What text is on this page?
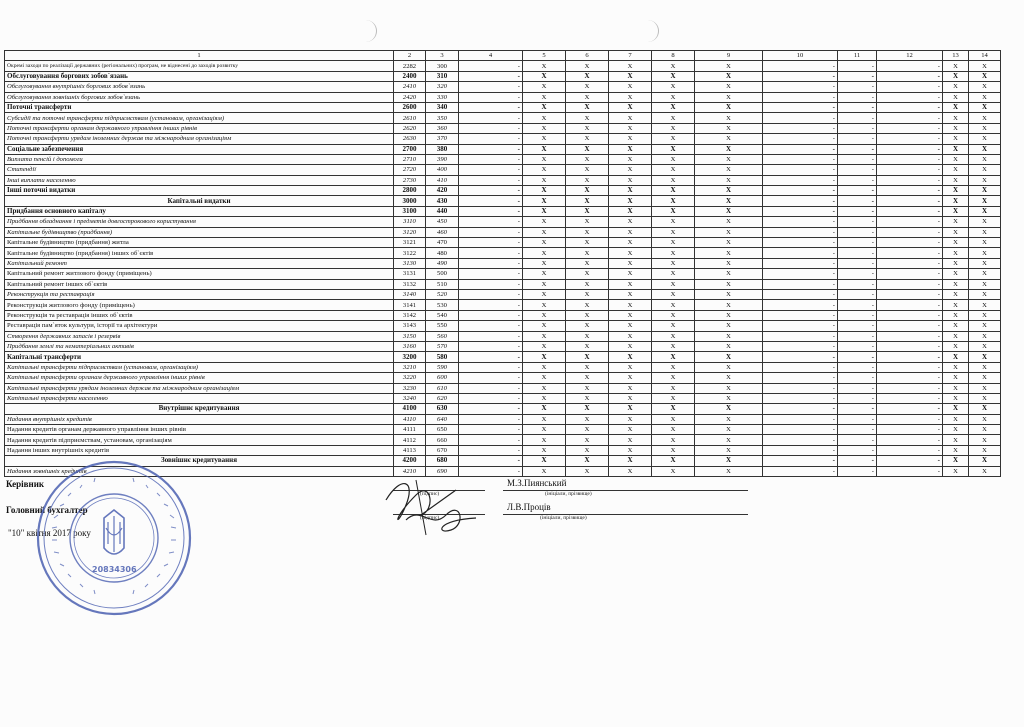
1	2	3	4	5	6	7	8	9	10	11	12	13	14
Окремі заходи по реалізації державних (регіональних) програм, не віднесені до заходів розвитку	2282	300	-	X	X	X	X	X	-	-	-	X	X
Обслуговування боргових зобов`язань	2400	310	-	X	X	X	X	X	-	-	-	X	X
Обслуговування внутрішніх боргових зобов`язань	2410	320	-	X	X	X	X	X	-	-	-	X	X
Обслуговування зовнішніх боргових зобов`язань	2420	330	-	X	X	X	X	X	-	-	-	X	X
Поточні трансферти	2600	340	-	X	X	X	X	X	-	-	-	X	X
Субсидії та поточні трансферти підприємствам (установам, організаціям)	2610	350	-	X	X	X	X	X	-	-	-	X	X
Поточні трансферти органам державного управління інших рівнів	2620	360	-	X	X	X	X	X	-	-	-	X	X
Поточні трансферти урядам іноземних держав та міжнародним організаціям	2630	370	-	X	X	X	X	X	-	-	-	X	X
Соціальне забезпечення	2700	380	-	X	X	X	X	X	-	-	-	X	X
Виплата пенсій і допомоги	2710	390	-	X	X	X	X	X	-	-	-	X	X
Стипендії	2720	400	-	X	X	X	X	X	-	-	-	X	X
Інші виплати населенню	2730	410	-	X	X	X	X	X	-	-	-	X	X
Інші поточні видатки	2800	420	-	X	X	X	X	X	-	-	-	X	X
Капітальні видатки	3000	430	-	X	X	X	X	X	-	-	-	X	X
Придбання основного капіталу	3100	440	-	X	X	X	X	X	-	-	-	X	X
Придбання обладнання і предметів довгострокового користування	3110	450	-	X	X	X	X	X	-	-	-	X	X
Капітальне будівництво (придбання)	3120	460	-	X	X	X	X	X	-	-	-	X	X
Капітальне будівництво (придбання) житла	3121	470	-	X	X	X	X	X	-	-	-	X	X
Капітальне будівництво (придбання) інших об`єктів	3122	480	-	X	X	X	X	X	-	-	-	X	X
Капітальний ремонт	3130	490	-	X	X	X	X	X	-	-	-	X	X
Капітальний ремонт житлового фонду (приміщень)	3131	500	-	X	X	X	X	X	-	-	-	X	X
Капітальний ремонт інших об`єктів	3132	510	-	X	X	X	X	X	-	-	-	X	X
Реконструкція та реставрація	3140	520	-	X	X	X	X	X	-	-	-	X	X
Реконструкція житлового фонду (приміщень)	3141	530	-	X	X	X	X	X	-	-	-	X	X
Реконструкція та реставрація інших об`єктів	3142	540	-	X	X	X	X	X	-	-	-	X	X
Реставрація пам`яток культури, історії та архітектури	3143	550	-	X	X	X	X	X	-	-	-	X	X
Створення державних запасів і резервів	3150	560	-	X	X	X	X	X	-	-	-	X	X
Придбання землі та нематеріальних активів	3160	570	-	X	X	X	X	X	-	-	-	X	X
Капітальні трансферти	3200	580	-	X	X	X	X	X	-	-	-	X	X
Капітальні трансферти підприємствам (установам, організаціям)	3210	590	-	X	X	X	X	X	-	-	-	X	X
Капітальні трансферти органам державного управління інших рівнів	3220	600	-	X	X	X	X	X	-	-	-	X	X
Капітальні трансферти урядам іноземних держав та міжнародним організаціям	3230	610	-	X	X	X	X	X	-	-	-	X	X
Капітальні трансферти населенню	3240	620	-	X	X	X	X	X	-	-	-	X	X
Внутрішнє кредитування	4100	630	-	X	X	X	X	X	-	-	-	X	X
Надання внутрішніх кредитів	4110	640	-	X	X	X	X	X	-	-	-	X	X
Надання кредитів органам державного управління інших рівнів	4111	650	-	X	X	X	X	X	-	-	-	X	X
Надання кредитів підприємствам, установам, організаціям	4112	660	-	X	X	X	X	X	-	-	-	X	X
Надання інших внутрішніх кредитів	4113	670	-	X	X	X	X	X	-	-	-	X	X
Зовнішнє кредитування	4200	680	-	X	X	X	X	X	-	-	-	X	X
Надання зовнішніх кредитів	4210	690	-	X	X	X	X	X	-	-	-	X	X
Керівник	М.З.Пиянський
(підпис)	(ініціали, прізвище)
Головний бухгалтер	Л.В.Проців
(підпис)	(ініціали, прізвище)
"10" квітня 2017 року
20834306
